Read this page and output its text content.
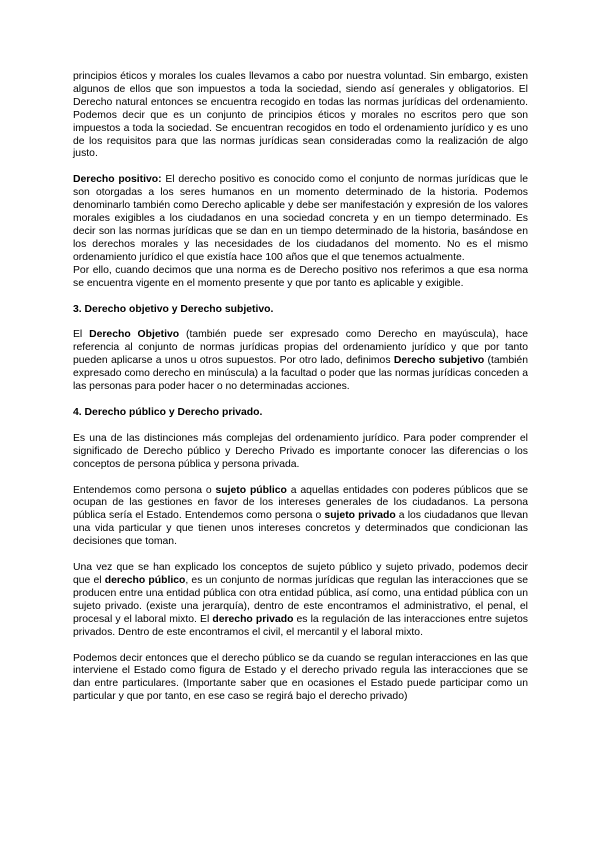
principios éticos y morales los cuales llevamos a cabo por nuestra voluntad. Sin embargo, existen algunos de ellos que son impuestos a toda la sociedad, siendo así generales y obligatorios. El Derecho natural entonces se encuentra recogido en todas las normas jurídicas del ordenamiento. Podemos decir que es un conjunto de principios éticos y morales no escritos pero que son impuestos a toda la sociedad. Se encuentran recogidos en todo el ordenamiento jurídico y es uno de los requisitos para que las normas jurídicas sean consideradas como la realización de algo justo.

Derecho positivo: El derecho positivo es conocido como el conjunto de normas jurídicas que le son otorgadas a los seres humanos en un momento determinado de la historia. Podemos denominarlo también como Derecho aplicable y debe ser manifestación y expresión de los valores morales exigibles a los ciudadanos en una sociedad concreta y en un tiempo determinado. Es decir son las normas jurídicas que se dan en un tiempo determinado de la historia, basándose en los derechos morales y las necesidades de los ciudadanos del momento. No es el mismo ordenamiento jurídico el que existía hace 100 años que el que tenemos actualmente.

Por ello, cuando decimos que una norma es de Derecho positivo nos referimos a que esa norma se encuentra vigente en el momento presente y que por tanto es aplicable y exigible.

3. Derecho objetivo y Derecho subjetivo.

El Derecho Objetivo (también puede ser expresado como Derecho en mayúscula), hace referencia al conjunto de normas jurídicas propias del ordenamiento jurídico y que por tanto pueden aplicarse a unos u otros supuestos. Por otro lado, definimos Derecho subjetivo (también expresado como derecho en minúscula) a la facultad o poder que las normas jurídicas conceden a las personas para poder hacer o no determinadas acciones.

4. Derecho público y Derecho privado.

Es una de las distinciones más complejas del ordenamiento jurídico. Para poder comprender el significado de Derecho público y Derecho Privado es importante conocer las diferencias o los conceptos de persona pública y persona privada.

Entendemos como persona o sujeto público a aquellas entidades con poderes públicos que se ocupan de las gestiones en favor de los intereses generales de los ciudadanos. La persona pública sería el Estado. Entendemos como persona o sujeto privado a los ciudadanos que llevan una vida particular y que tienen unos intereses concretos y determinados que condicionan las decisiones que toman.

Una vez que se han explicado los conceptos de sujeto público y sujeto privado, podemos decir que el derecho público, es un conjunto de normas jurídicas que regulan las interacciones que se producen entre una entidad pública con otra entidad pública, así como, una entidad pública con un sujeto privado. (existe una jerarquía), dentro de este encontramos el administrativo, el penal, el procesal y el laboral mixto. El derecho privado es la regulación de las interacciones entre sujetos privados. Dentro de este encontramos el civil, el mercantil y el laboral mixto.

Podemos decir entonces que el derecho público se da cuando se regulan interacciones en las que interviene el Estado como figura de Estado y el derecho privado regula las interacciones que se dan entre particulares. (Importante saber que en ocasiones el Estado puede participar como un particular y que por tanto, en ese caso se regirá bajo el derecho privado)
